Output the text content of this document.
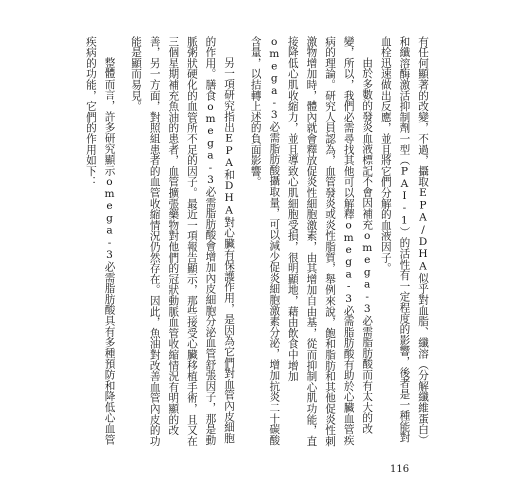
有任何顯著的改變，不過，攝取EPA/DHA似乎對血脂、纖溶（分解纖維蛋白）和纖溶酶激活抑制劑一型（PAI-1）的活性有一定程度的影響，後者是一種能對血栓迅速做出反應，並且將它們分解的血液因子。

由於多數的發炎血液標記不會因補充omega-3必需脂肪酸而有太大的改變，所以，我們必需尋找其他可以解釋omega-3必需脂肪酸有助於心臟血管疾病的理論。研究人員認為，血管發炎或炎性脂質，舉例來說，飽和脂肪和其他促炎性刺激物增加時，體內就會釋放促炎性細胞激素，由其增加自由基，從而抑制心肌功能，直接降低心肌收縮力，並且導致心肌細胞受損，很明顯地，藉由飲食中增加omega-3必需脂肪酸攝取量，可以減少促炎細胞激素分泌，增加抗炎二十碳酸含量，以拮轉上述的負面影響。

另一項研究指出EPA和DHA對心臟有保護作用，是因為它們對血管內皮細胞的作用。膳食omega-3必需脂肪酸會增加內皮細胞分泌血管舒張因子，那是動脈粥狀硬化的血管所不足的因子。最近一項報告顯示，那些接受心臟移植手術，且又在三個星期補充魚油的患者，血管擴張藥物對他們的冠狀動脈血管收縮情況有明顯的改善，另一方面，對照組患者的血管收縮情況仍然存在。因此，魚油對改善血管內皮的功能是顯而易見。

整體而言，許多研究顯示omega-3必需脂肪酸具有多種預防和降低心血管疾病的功能，它們的作用如下：

116
